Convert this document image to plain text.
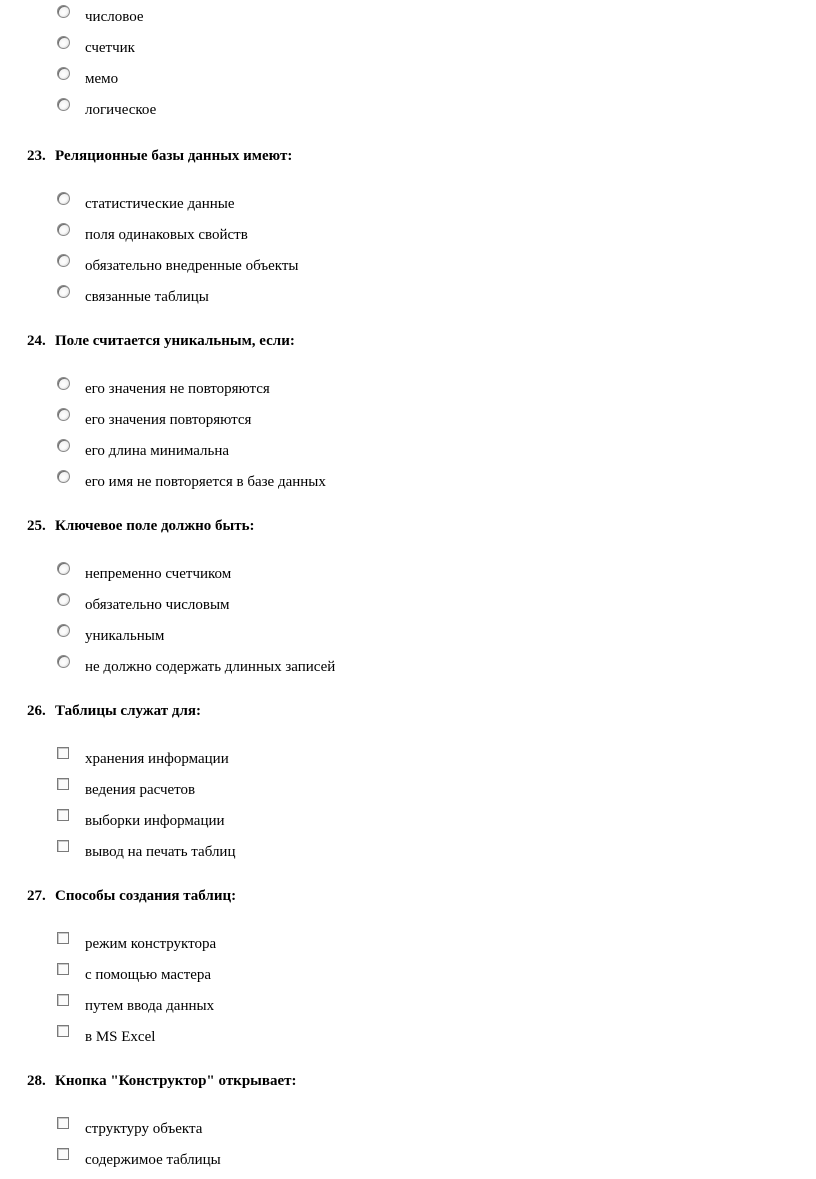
числовое
счетчик
мемо
логическое
23. Реляционные базы данных имеют:
статистические данные
поля одинаковых свойств
обязательно внедренные объекты
связанные таблицы
24. Поле считается уникальным, если:
его значения не повторяются
его значения повторяются
его длина минимальна
его имя не повторяется в базе данных
25. Ключевое поле должно быть:
непременно счетчиком
обязательно числовым
уникальным
не должно содержать длинных записей
26. Таблицы служат для:
хранения информации
ведения расчетов
выборки информации
вывод на печать таблиц
27. Способы создания таблиц:
режим конструктора
с помощью мастера
путем ввода данных
в MS Excel
28. Кнопка "Конструктор" открывает:
структуру объекта
содержимое таблицы
